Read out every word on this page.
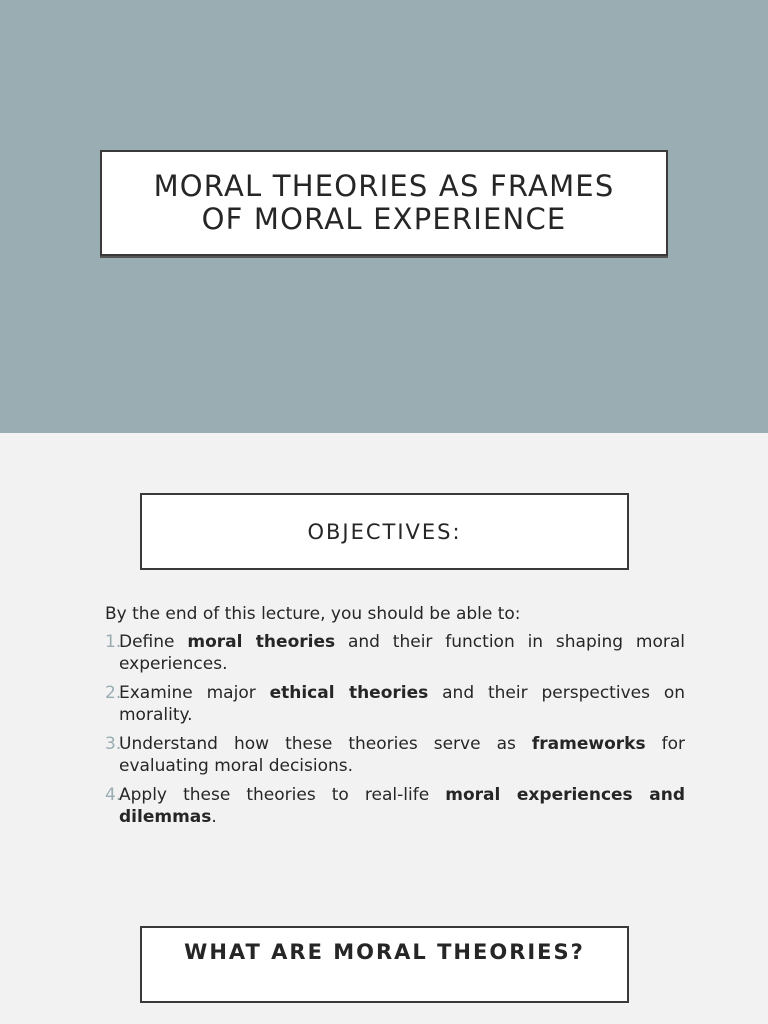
MORAL THEORIES AS FRAMES
OF MORAL EXPERIENCE
OBJECTIVES:

By the end of this lecture, you should be able to:

1.
Define moral theories and their function in shaping moral experiences.
2.
Examine major ethical theories and their perspectives on morality.
3.
Understand how these theories serve as frameworks for evaluating moral decisions.
4.
Apply these theories to real-life moral experiences and dilemmas.
WHAT ARE MORAL THEORIES?
